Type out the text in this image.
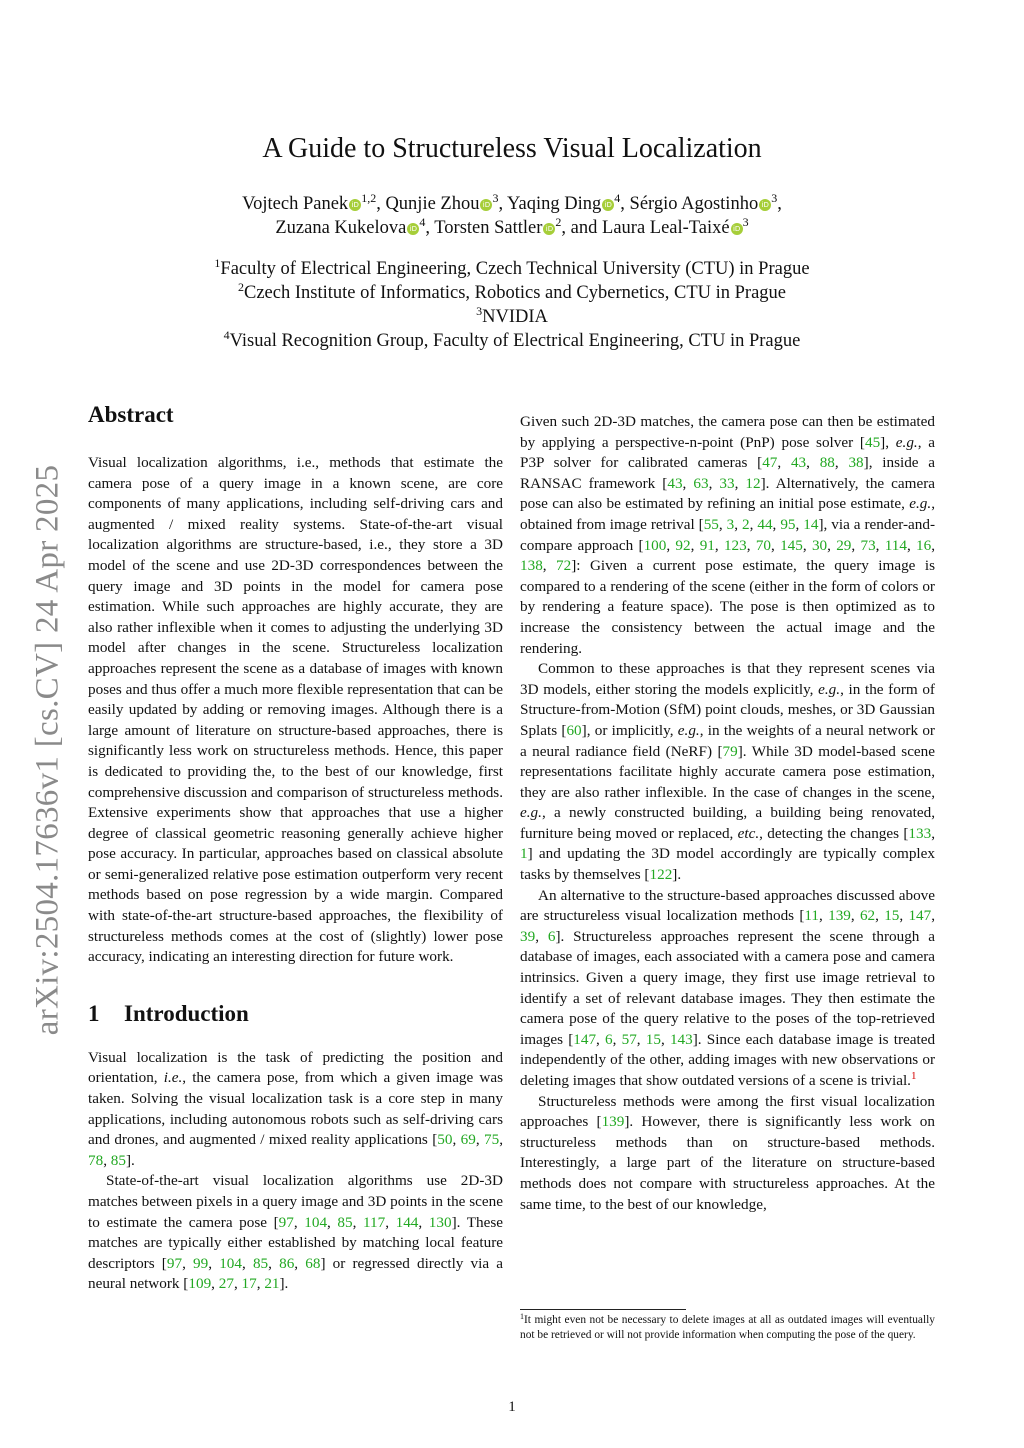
arXiv:2504.17636v1 [cs.CV] 24 Apr 2025
A Guide to Structureless Visual Localization
Vojtech Panek iD $^{1,2}$, Qunjie Zhou iD $^3$, Yaqing Ding iD $^4$, Sérgio Agostinho iD $^3$,
Zuzana Kukelova iD $^4$, Torsten Sattler iD $^2$, and Laura Leal-Taixé iD $^3$
$^1$Faculty of Electrical Engineering, Czech Technical University (CTU) in Prague
$^2$Czech Institute of Informatics, Robotics and Cybernetics, CTU in Prague
$^3$NVIDIA
$^4$Visual Recognition Group, Faculty of Electrical Engineering, CTU in Prague
Abstract

Visual localization algorithms, i.e., methods that estimate the camera pose of a query image in a known scene, are core components of many applications, including self-driving cars and augmented / mixed reality systems. State-of-the-art visual localization algorithms are structure-based, i.e., they store a 3D model of the scene and use 2D-3D correspondences between the query image and 3D points in the model for camera pose estimation. While such approaches are highly accurate, they are also rather inflexible when it comes to adjusting the underlying 3D model after changes in the scene. Structureless localization approaches represent the scene as a database of images with known poses and thus offer a much more flexible representation that can be easily updated by adding or removing images. Although there is a large amount of literature on structure-based approaches, there is significantly less work on structureless methods. Hence, this paper is dedicated to providing the, to the best of our knowledge, first comprehensive discussion and comparison of structureless methods. Extensive experiments show that approaches that use a higher degree of classical geometric reasoning generally achieve higher pose accuracy. In particular, approaches based on classical absolute or semi-generalized relative pose estimation outperform very recent methods based on pose regression by a wide margin. Compared with state-of-the-art structure-based approaches, the flexibility of structureless methods comes at the cost of (slightly) lower pose accuracy, indicating an interesting direction for future work.

1 Introduction

Visual localization is the task of predicting the position and orientation, i.e., the camera pose, from which a given image was taken. Solving the visual localization task is a core step in many applications, including autonomous robots such as self-driving cars and drones, and augmented / mixed reality applications [50, 69, 75, 78, 85].

State-of-the-art visual localization algorithms use 2D-3D matches between pixels in a query image and 3D points in the scene to estimate the camera pose [97, 104, 85, 117, 144, 130]. These matches are typically either established by matching local feature descriptors [97, 99, 104, 85, 86, 68] or regressed directly via a neural network [109, 27, 17, 21].

Given such 2D-3D matches, the camera pose can then be estimated by applying a perspective-n-point (PnP) pose solver [45], e.g., a P3P solver for calibrated cameras [47, 43, 88, 38], inside a RANSAC framework [43, 63, 33, 12]. Alternatively, the camera pose can also be estimated by refining an initial pose estimate, e.g., obtained from image retrival [55, 3, 2, 44, 95, 14], via a render-and-compare approach [100, 92, 91, 123, 70, 145, 30, 29, 73, 114, 16, 138, 72]: Given a current pose estimate, the query image is compared to a rendering of the scene (either in the form of colors or by rendering a feature space). The pose is then optimized as to increase the consistency between the actual image and the rendering.

Common to these approaches is that they represent scenes via 3D models, either storing the models explicitly, e.g., in the form of Structure-from-Motion (SfM) point clouds, meshes, or 3D Gaussian Splats [60], or implicitly, e.g., in the weights of a neural network or a neural radiance field (NeRF) [79]. While 3D model-based scene representations facilitate highly accurate camera pose estimation, they are also rather inflexible. In the case of changes in the scene, e.g., a newly constructed building, a building being renovated, furniture being moved or replaced, etc., detecting the changes [133, 1] and updating the 3D model accordingly are typically complex tasks by themselves [122].

An alternative to the structure-based approaches discussed above are structureless visual localization methods [11, 139, 62, 15, 147, 39, 6]. Structureless approaches represent the scene through a database of images, each associated with a camera pose and camera intrinsics. Given a query image, they first use image retrieval to identify a set of relevant database images. They then estimate the camera pose of the query relative to the poses of the top-retrieved images [147, 6, 57, 15, 143]. Since each database image is treated independently of the other, adding images with new observations or deleting images that show outdated versions of a scene is trivial.$^1$

Structureless methods were among the first visual localization approaches [139]. However, there is significantly less work on structureless methods than on structure-based methods. Interestingly, a large part of the literature on structure-based methods does not compare with structureless approaches. At the same time, to the best of our knowledge,

$^1$It might even not be necessary to delete images at all as outdated images will eventually not be retrieved or will not provide information when computing the pose of the query.
1
